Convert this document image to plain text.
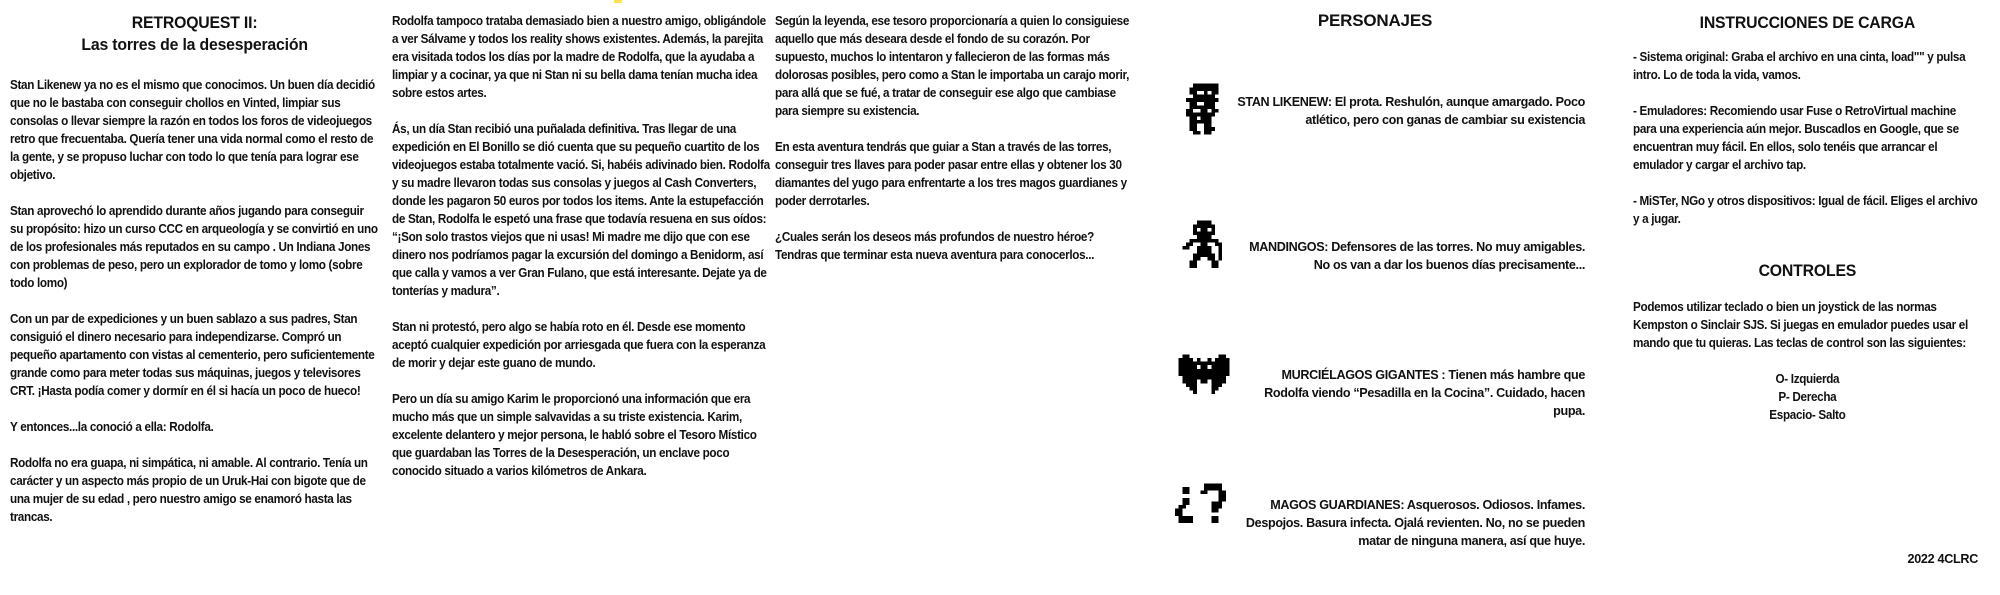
RETROQUEST II:
Las torres de la desesperación

Stan Likenew ya no es el mismo que conocimos. Un buen día decidió que no le bastaba con conseguir chollos en Vinted, limpiar sus consolas o llevar siempre la razón en todos los foros de videojuegos retro que frecuentaba. Quería tener una vida normal como el resto de la gente, y se propuso luchar con todo lo que tenía para lograr ese objetivo.

Stan aprovechó lo aprendido durante años jugando para conseguir su propósito: hizo un curso CCC en arqueología y se convirtió en uno de los profesionales más reputados en su campo . Un Indiana Jones con problemas de peso, pero un explorador de tomo y lomo (sobre todo lomo)

Con un par de expediciones y un buen sablazo a sus padres, Stan consiguió el dinero necesario para independizarse. Compró un pequeño apartamento con vistas al cementerio, pero suficientemente grande como para meter todas sus máquinas, juegos y televisores CRT. ¡Hasta podía comer y dormír en él si hacía un poco de hueco!

Y entonces...la conoció a ella: Rodolfa.

Rodolfa no era guapa, ni simpática, ni amable. Al contrario. Tenía un carácter y un aspecto más propio de un Uruk-Hai con bigote que de una mujer de su edad , pero nuestro amigo se enamoró hasta las trancas.

Rodolfa tampoco trataba demasiado bien a nuestro amigo, obligándole a ver Sálvame y todos los reality shows existentes. Además, la parejita era visitada todos los días por la madre de Rodolfa, que la ayudaba a limpiar y a cocinar, ya que ni Stan ni su bella dama tenían mucha idea sobre estos artes.

Ás, un día Stan recibió una puñalada definitiva. Tras llegar de una expedición en El Bonillo se dió cuenta que su pequeño cuartito de los videojuegos estaba totalmente vació. Si, habéis adivinado bien. Rodolfa y su madre llevaron todas sus consolas y juegos al Cash Converters, donde les pagaron 50 euros por todos los items. Ante la estupefacción de Stan, Rodolfa le espetó una frase que todavía resuena en sus oídos: “¡Son solo trastos viejos que ni usas! Mi madre me dijo que con ese dinero nos podríamos pagar la excursión del domingo a Benidorm, así que calla y vamos a ver Gran Fulano, que está interesante. Dejate ya de tonterías y madura”.

Stan ni protestó, pero algo se había roto en él. Desde ese momento aceptó cualquier expedición por arriesgada que fuera con la esperanza de morir y dejar este guano de mundo.

Pero un día su amigo Karim le proporcionó una información que era mucho más que un simple salvavidas a su triste existencia. Karim, excelente delantero y mejor persona, le habló sobre el Tesoro Místico que guardaban las Torres de la Desesperación, un enclave poco conocido situado a varios kilómetros de Ankara.

Según la leyenda, ese tesoro proporcionaría a quien lo consiguiese aquello que más deseara desde el fondo de su corazón. Por supuesto, muchos lo intentaron y fallecieron de las formas más dolorosas posibles, pero como a Stan le importaba un carajo morir, para allá que se fué, a tratar de conseguir ese algo que cambiase para siempre su existencia.

En esta aventura tendrás que guiar a Stan a través de las torres, conseguir tres llaves para poder pasar entre ellas y obtener los 30 diamantes del yugo para enfrentarte a los tres magos guardianes y poder derrotarles.

¿Cuales serán los deseos más profundos de nuestro héroe? Tendras que terminar esta nueva aventura para conocerlos...

PERSONAJES
STAN LIKENEW: El prota. Reshulón, aunque amargado. Poco atlético, pero con ganas de cambiar su existencia
MANDINGOS: Defensores de las torres. No muy amigables. No os van a dar los buenos días precisamente...
MURCIÉLAGOS GIGANTES : Tienen más hambre que Rodolfa viendo “Pesadilla en la Cocina”. Cuidado, hacen pupa.
MAGOS GUARDIANES: Asquerosos. Odiosos. Infames. Despojos. Basura infecta. Ojalá revienten. No, no se pueden matar de ninguna manera, así que huye.
INSTRUCCIONES DE CARGA

- Sistema original: Graba el archivo en una cinta, load"" y pulsa intro. Lo de toda la vida, vamos.

- Emuladores: Recomiendo usar Fuse o RetroVirtual machine para una experiencia aún mejor. Buscadlos en Google, que se encuentran muy fácil. En ellos, solo tenéis que arrancar el emulador y cargar el archivo tap.

- MiSTer, NGo y otros dispositivos: Igual de fácil. Eliges el archivo y a jugar.

CONTROLES

Podemos utilizar teclado o bien un joystick de las normas Kempston o Sinclair SJS. Si juegas en emulador puedes usar el mando que tu quieras. Las teclas de control son las siguientes:

O- Izquierda
P- Derecha
Espacio- Salto
2022 4CLRC
